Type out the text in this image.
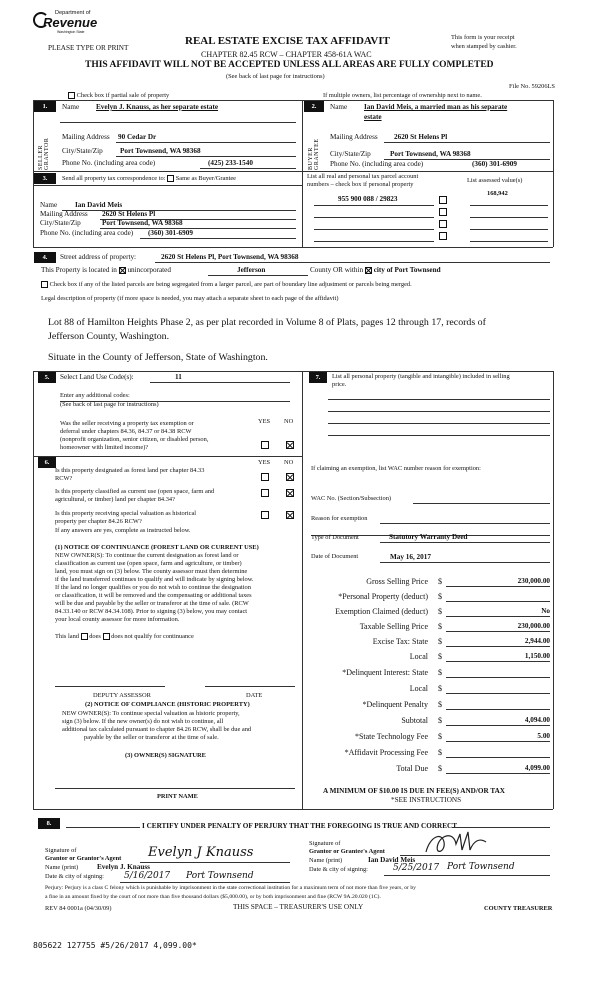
Department of
Revenue
Washington State
PLEASE TYPE OR PRINT
REAL ESTATE EXCISE TAX AFFIDAVIT
CHAPTER 82.45 RCW – CHAPTER 458-61A WAC
This form is your receipt
when stamped by cashier.
THIS AFFIDAVIT WILL NOT BE ACCEPTED UNLESS ALL AREAS ARE FULLY COMPLETED
(See back of last page for instructions)
File No. 59206LS
Check box if partial sale of property	If multiple owners, list percentage of ownership next to name.
1.
SELLER GRANTOR
Name Evelyn J. Knauss, as her separate estate
Mailing Address 90 Cedar Dr
City/State/Zip Port Townsend, WA 98368
Phone No. (including area code)	(425) 233-1540
2.
BUYER GRANTEE
Name Ian David Meis, a married man as his separate
estate
Mailing Address 2620 St Helens Pl
City/State/Zip	Port Townsend, WA 98368
Phone No. (including area code)	(360) 301-6909
3.	Send all property tax correspondence to: Same as Buyer/Grantee
Name Ian David Meis
Mailing Address 2620 St Helens Pl
City/State/Zip	Port Townsend, WA 98368
Phone No. (including area code) (360) 301-6909
List all real and personal tax parcel account
numbers – check box if personal property
List assessed value(s)
955 900 088 / 29823
168,942
4.	Street address of property:	2620 St Helens Pl, Port Townsend, WA 98368
This Property is located in unincorporated	Jefferson	County OR within city of Port Townsend
Check box if any of the listed parcels are being segregated from a larger parcel, are part of boundary line adjustment or parcels being merged.
Legal description of property (if more space is needed, you may attach a separate sheet to each page of the affidavit)
Lot 88 of Hamilton Heights Phase 2, as per plat recorded in Volume 8 of Plats, pages 12 through 17, records of
Jefferson County, Washington.
Situate in the County of Jefferson, State of Washington.
5.	Select Land Use Code(s):	11
Enter any additional codes:
(See back of last page for instructions)
YES NO
Was the seller receiving a property tax exemption or
deferral under chapters 84.36, 84.37 or 84.38 RCW
(nonprofit organization, senior citizen, or disabled person,
homeowner with limited income)?
6.	YES NO
Is this property designated as forest land per chapter 84.33
RCW?
Is this property classified as current use (open space, farm and
agricultural, or timber) land per chapter 84.34?
Is this property receiving special valuation as historical
property per chapter 84.26 RCW?
If any answers are yes, complete as instructed below.
(1) NOTICE OF CONTINUANCE (FOREST LAND OR CURRENT USE)
NEW OWNER(S): To continue the current designation as forest land or
classification as current use (open space, farm and agriculture, or timber)
land, you must sign on (3) below. The county assessor must then determine
if the land transferred continues to qualify and will indicate by signing below.
If the land no longer qualifies or you do not wish to continue the designation
or classification, it will be removed and the compensating or additional taxes
will be due and payable by the seller or transferor at the time of sale. (RCW
84.33.140 or RCW 84.34.108). Prior to signing (3) below, you may contact
your local county assessor for more information.
This land does does not qualify for continuance
DEPUTY ASSESSOR	DATE
(2) NOTICE OF COMPLIANCE (HISTORIC PROPERTY)
NEW OWNER(S): To continue special valuation as historic property,
sign (3) below. If the new owner(s) do not wish to continue, all
additional tax calculated pursuant to chapter 84.26 RCW, shall be due and
payable by the seller or transferor at the time of sale.
(3) OWNER(S) SIGNATURE
PRINT NAME
7.	List all personal property (tangible and intangible) included in selling
price.
If claiming an exemption, list WAC number reason for exemption:
WAC No. (Section/Subsection)
Reason for exemption
Type of Document	Statutory Warranty Deed
Date of Document	May 16, 2017
Gross Selling Price $	230,000.00
*Personal Property (deduct) $
Exemption Claimed (deduct) $	No
Taxable Selling Price $	230,000.00
Excise Tax: State $	2,944.00
Local $	1,150.00
*Delinquent Interest: State $
Local $
*Delinquent Penalty $
Subtotal $	4,094.00
*State Technology Fee $	5.00
*Affidavit Processing Fee $
Total Due $	4,099.00
A MINIMUM OF $10.00 IS DUE IN FEE(S) AND/OR TAX
*SEE INSTRUCTIONS
8.	I CERTIFY UNDER PENALTY OF PERJURY THAT THE FOREGOING IS TRUE AND CORRECT
Signature of
Grantor or Grantor's Agent Evelyn J Knauss
Name (print)	Evelyn J. Knauss
Date & city of signing: 5/16/2017 Port Townsend
Signature of
Grantor or Grantee's Agent
Name (print)	Ian David Meis
Date & city of signing:	5/25/2017 Port Townsend
Perjury: Perjury is a class C felony which is punishable by imprisonment in the state correctional institution for a maximum term of not more than five years, or by
a fine in an amount fixed by the court of not more than five thousand dollars ($5,000.00), or by both imprisonment and fine (RCW 9A.20.020 (1C).
REV 84 0001a (04/30/09)	THIS SPACE – TREASURER'S USE ONLY	COUNTY TREASURER
805622 127755 #5/26/2017 4,099.00*
